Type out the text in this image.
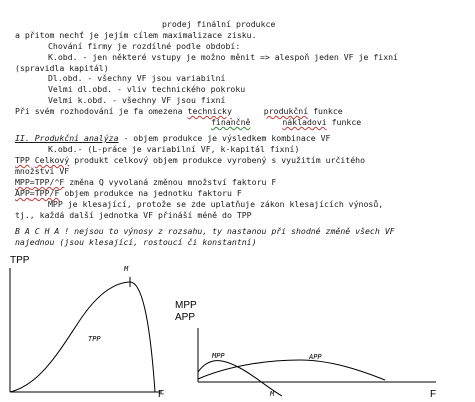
prodej finální produkce
a přitom nechť je jejím cílem maximalizace zisku.
Chování firmy je rozdílné podle období:
K.obd. - jen některé vstupy je možno měnit => alespoň jeden VF je fixní
(spravidla kapitál)
Dl.obd. - všechny VF jsou variabilní
Velmi dl.obd. - vliv technického pokroku
Velmi k.obd. - všechny VF jsou fixní
Při svém rozhodování je fa omezena technicky	produkční funkce
finančně	nákladovi funkce
II. Produkční analýza - objem produkce je výsledkem kombinace VF
K.obd.- (L-práce je variabilní VF, k-kapitál fixní)
TPP Celkový produkt celkový objem produkce vyrobený s využitím určitého
množství VF
MPP=TPP/^F změna Q vyvolaná změnou množství faktoru F
APP=TPP/F objem produkce na jednotku faktoru F
MPP je klesající, protože se zde uplatňuje zákon klesajících výnosů,
tj., každá další jednotka VF přináší méně do TPP
B A C H A ! nejsou to výnosy z rozsahu, ty nastanou při shodné změně všech VF
najednou (jsou klesající, rostoucí či konstantní)
TPP
F
TPP
M
MPP
APP
F
MPP	APP
M
